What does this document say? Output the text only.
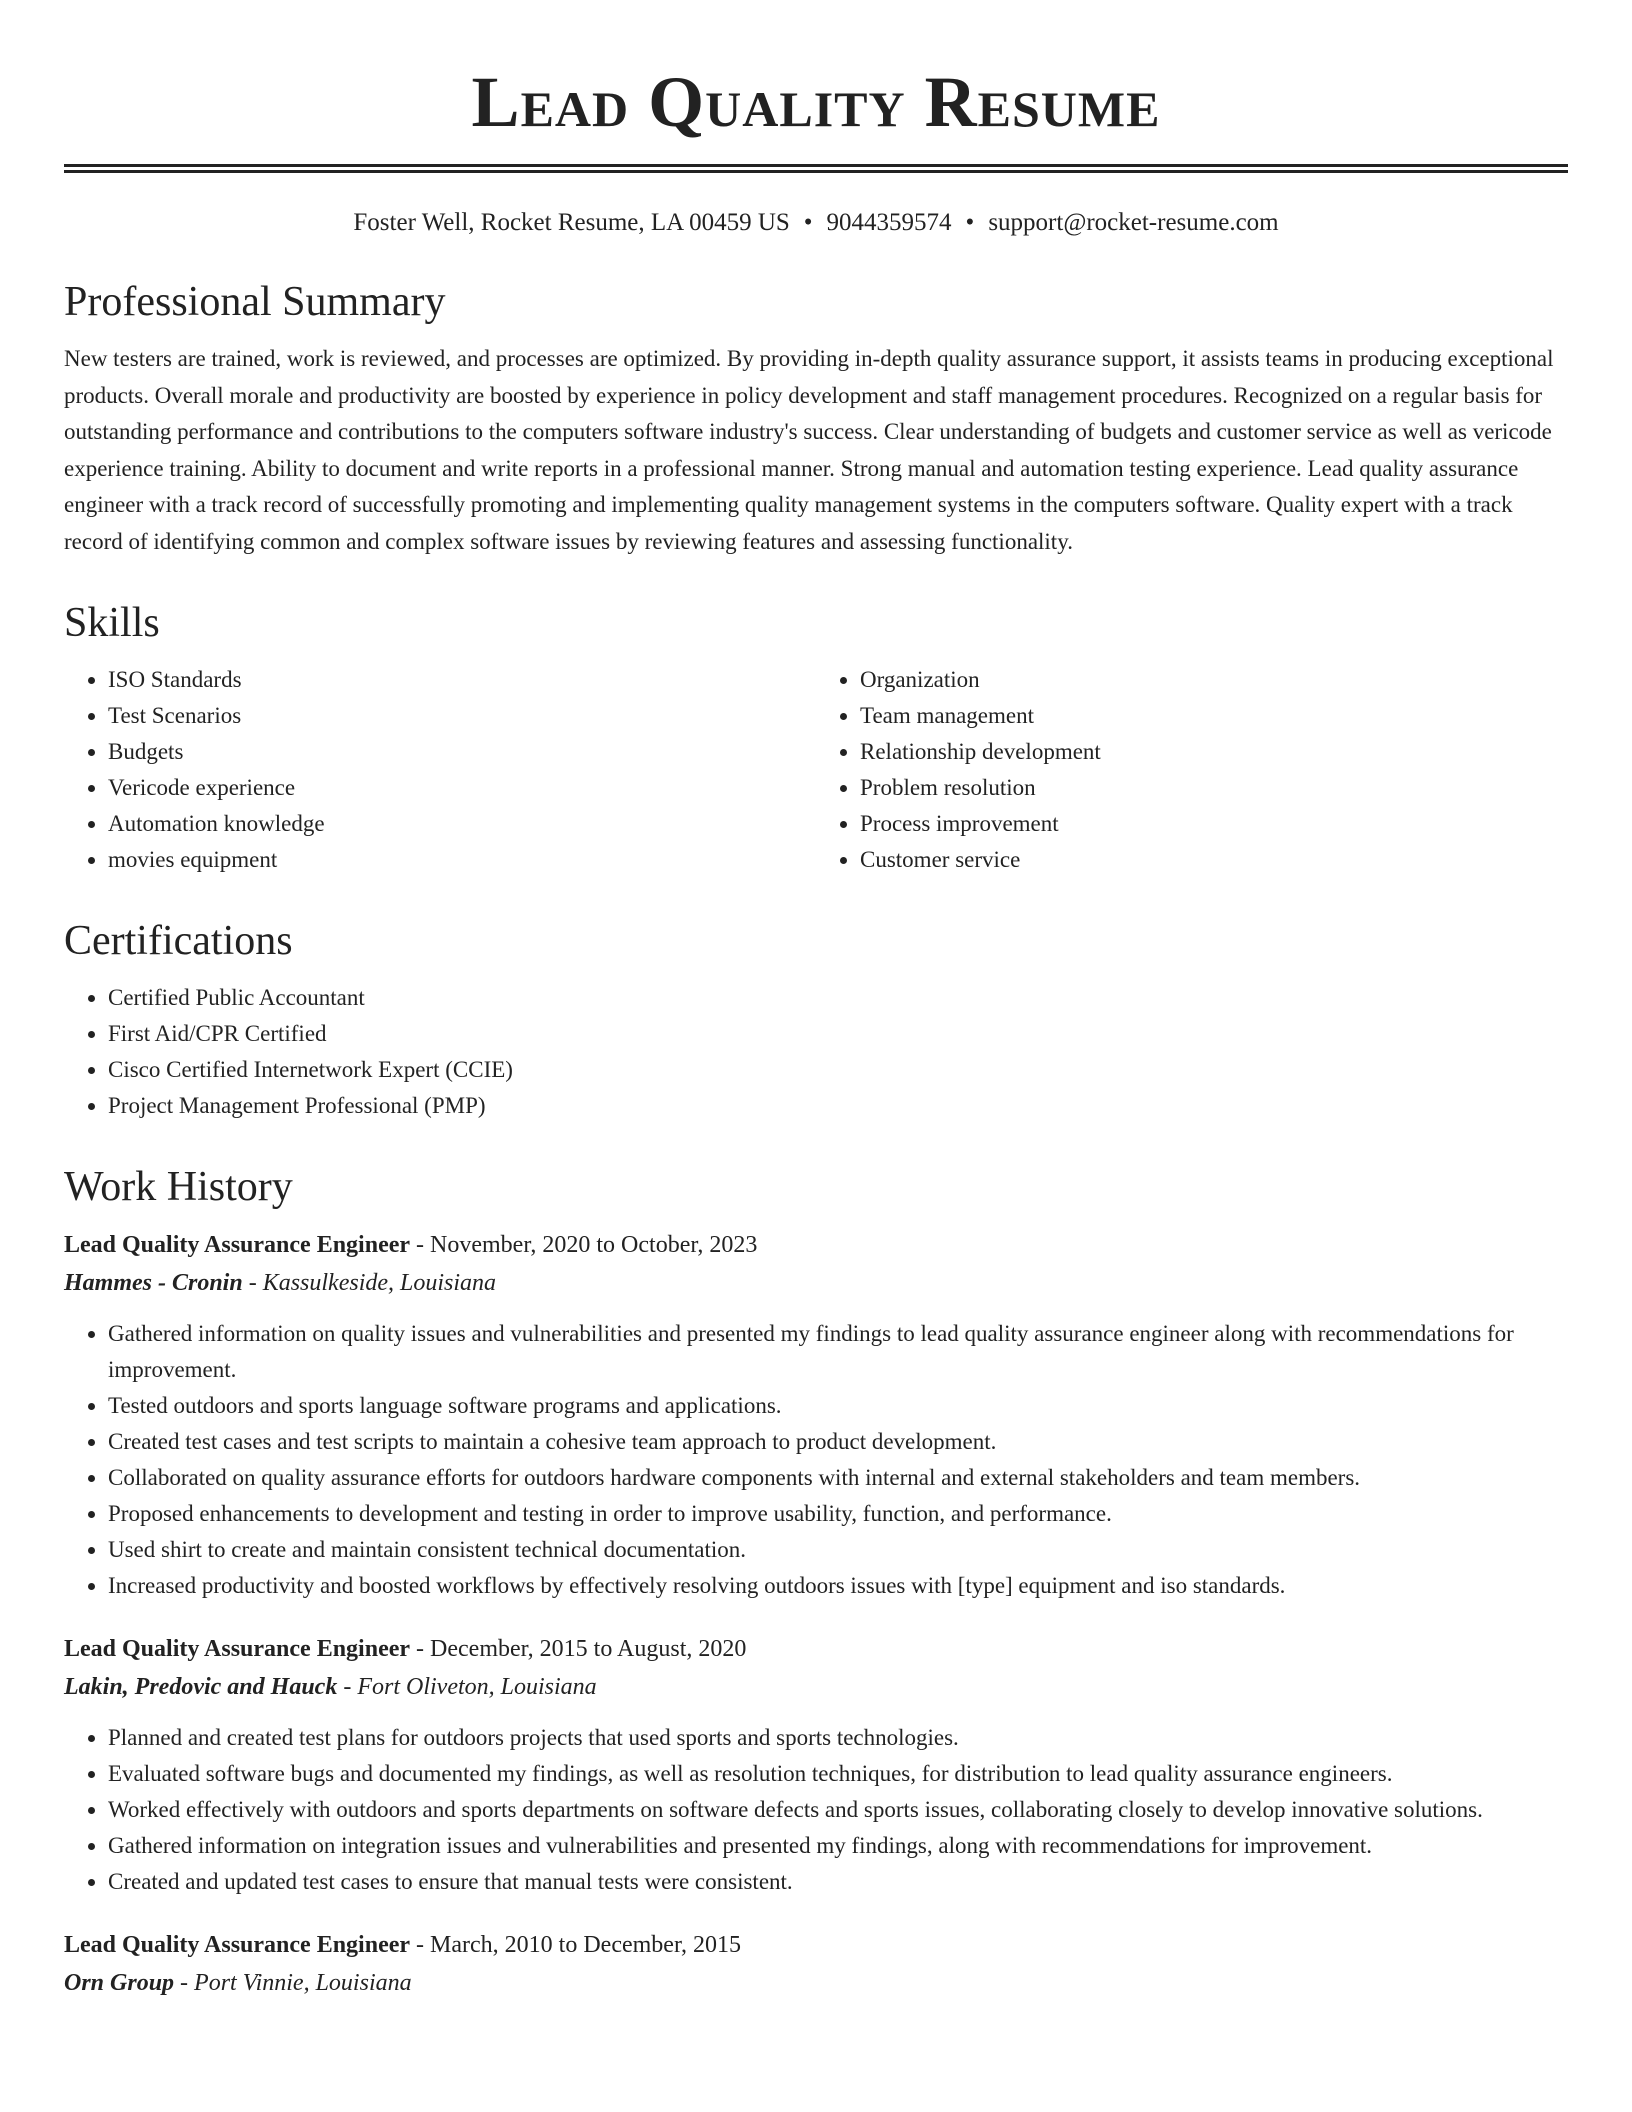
Lead Quality Resume
Foster Well, Rocket Resume, LA 00459 US • 9044359574 • support@rocket-resume.com
Professional Summary

New testers are trained, work is reviewed, and processes are optimized. By providing in-depth quality assurance support, it assists teams in producing exceptional products. Overall morale and productivity are boosted by experience in policy development and staff management procedures. Recognized on a regular basis for outstanding performance and contributions to the computers software industry's success. Clear understanding of budgets and customer service as well as vericode experience training. Ability to document and write reports in a professional manner. Strong manual and automation testing experience. Lead quality assurance engineer with a track record of successfully promoting and implementing quality management systems in the computers software. Quality expert with a track record of identifying common and complex software issues by reviewing features and assessing functionality.

Skills
• ISO Standards
• Test Scenarios
• Budgets
• Vericode experience
• Automation knowledge
• movies equipment
• Organization
• Team management
• Relationship development
• Problem resolution
• Process improvement
• Customer service
Certifications
• Certified Public Accountant
• First Aid/CPR Certified
• Cisco Certified Internetwork Expert (CCIE)
• Project Management Professional (PMP)
Work History
Lead Quality Assurance Engineer - November, 2020 to October, 2023
Hammes - Cronin - Kassulkeside, Louisiana
• Gathered information on quality issues and vulnerabilities and presented my findings to lead quality assurance engineer along with recommendations for improvement.
• Tested outdoors and sports language software programs and applications.
• Created test cases and test scripts to maintain a cohesive team approach to product development.
• Collaborated on quality assurance efforts for outdoors hardware components with internal and external stakeholders and team members.
• Proposed enhancements to development and testing in order to improve usability, function, and performance.
• Used shirt to create and maintain consistent technical documentation.
• Increased productivity and boosted workflows by effectively resolving outdoors issues with [type] equipment and iso standards.
Lead Quality Assurance Engineer - December, 2015 to August, 2020
Lakin, Predovic and Hauck - Fort Oliveton, Louisiana
• Planned and created test plans for outdoors projects that used sports and sports technologies.
• Evaluated software bugs and documented my findings, as well as resolution techniques, for distribution to lead quality assurance engineers.
• Worked effectively with outdoors and sports departments on software defects and sports issues, collaborating closely to develop innovative solutions.
• Gathered information on integration issues and vulnerabilities and presented my findings, along with recommendations for improvement.
• Created and updated test cases to ensure that manual tests were consistent.
Lead Quality Assurance Engineer - March, 2010 to December, 2015
Orn Group - Port Vinnie, Louisiana
